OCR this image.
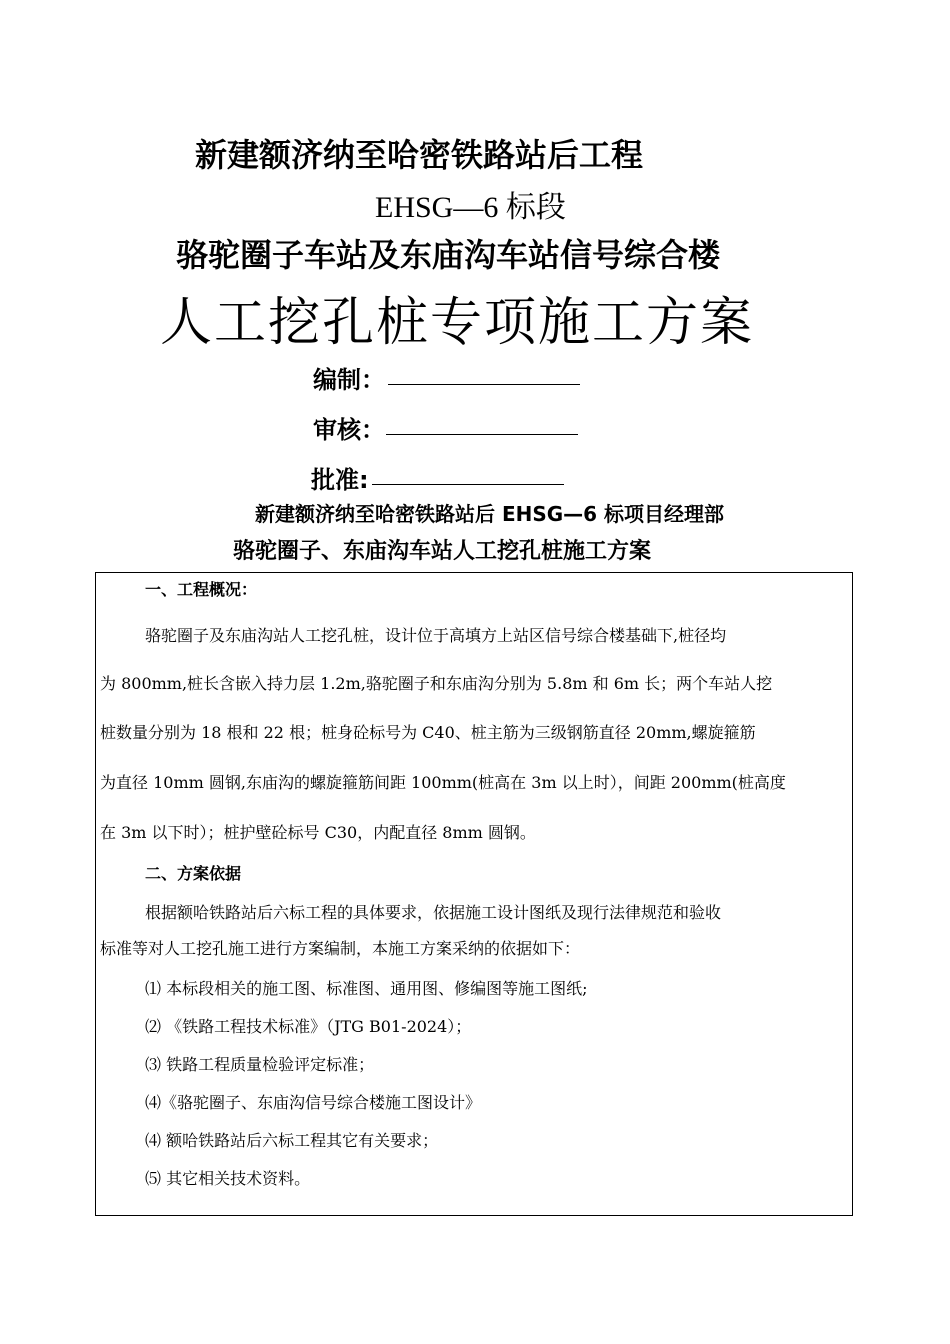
新建额济纳至哈密铁路站后工程
EHSG—6 标段
骆驼圈子车站及东庙沟车站信号综合楼
人工挖孔桩专项施工方案
编制：
审核：
批准:
新建额济纳至哈密铁路站后 EHSG—6 标项目经理部
骆驼圈子、东庙沟车站人工挖孔桩施工方案
一、工程概况：
骆驼圈子及东庙沟站人工挖孔桩，设计位于高填方上站区信号综合楼基础下,桩径均
为 800mm,桩长含嵌入持力层 1.2m,骆驼圈子和东庙沟分别为 5.8m 和 6m 长；两个车站人挖
桩数量分别为 18 根和 22 根；桩身砼标号为 C40、桩主筋为三级钢筋直径 20mm,螺旋箍筋
为直径 10mm 圆钢,东庙沟的螺旋箍筋间距 100mm(桩高在 3m 以上时），间距 200mm(桩高度
在 3m 以下时）；桩护壁砼标号 C30，内配直径 8mm 圆钢。
二、方案依据
根据额哈铁路站后六标工程的具体要求，依据施工设计图纸及现行法律规范和验收
标准等对人工挖孔施工进行方案编制，本施工方案采纳的依据如下：
⑴ 本标段相关的施工图、标准图、通用图、修编图等施工图纸;
⑵ 《铁路工程技术标准》（JTG B01-2024）；
⑶ 铁路工程质量检验评定标准；
⑷《骆驼圈子、东庙沟信号综合楼施工图设计》
⑷ 额哈铁路站后六标工程其它有关要求；
⑸ 其它相关技术资料。
